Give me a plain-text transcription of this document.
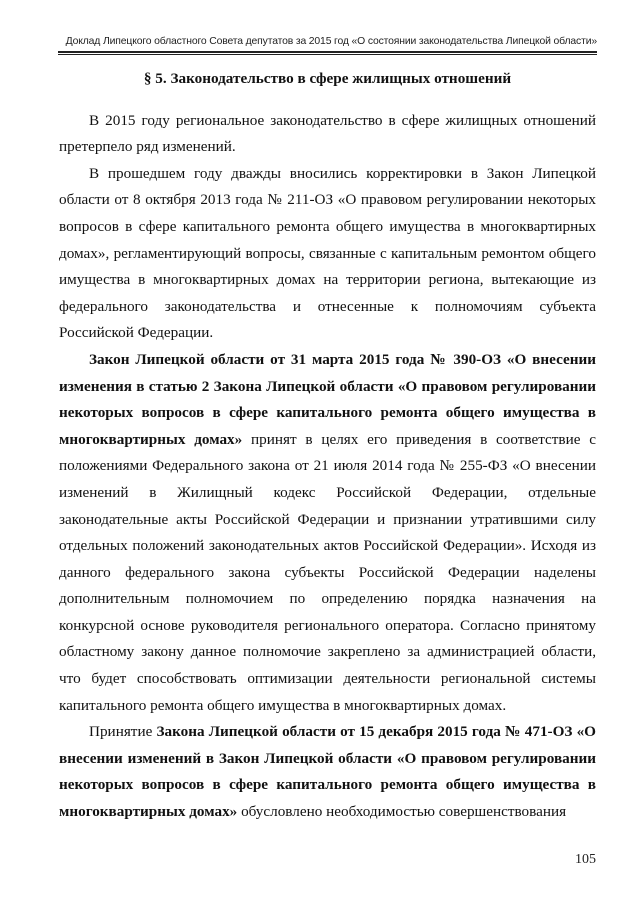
Доклад Липецкого областного Совета депутатов за 2015 год «О состоянии законодательства Липецкой области»

§ 5. Законодательство в сфере жилищных отношений

В 2015 году региональное законодательство в сфере жилищных отношений претерпело ряд изменений.

В прошедшем году дважды вносились корректировки в Закон Липецкой области от 8 октября 2013 года № 211-ОЗ «О правовом регулировании некоторых вопросов в сфере капитального ремонта общего имущества в многоквартирных домах», регламентирующий вопросы, связанные с капитальным ремонтом общего имущества в многоквартирных домах на территории региона, вытекающие из федерального законодательства и отнесенные к полномочиям субъекта Российской Федерации.

Закон Липецкой области от 31 марта 2015 года № 390-ОЗ «О внесении изменения в статью 2 Закона Липецкой области «О правовом регулировании некоторых вопросов в сфере капитального ремонта общего имущества в многоквартирных домах» принят в целях его приведения в соответствие с положениями Федерального закона от 21 июля 2014 года № 255-ФЗ «О внесении изменений в Жилищный кодекс Российской Федерации, отдельные законодательные акты Российской Федерации и признании утратившими силу отдельных положений законодательных актов Российской Федерации». Исходя из данного федерального закона субъекты Российской Федерации наделены дополнительным полномочием по определению порядка назначения на конкурсной основе руководителя регионального оператора. Согласно принятому областному закону данное полномочие закреплено за администрацией области, что будет способствовать оптимизации деятельности региональной системы капитального ремонта общего имущества в многоквартирных домах.

Принятие Закона Липецкой области от 15 декабря 2015 года № 471-ОЗ «О внесении изменений в Закон Липецкой области «О правовом регулировании некоторых вопросов в сфере капитального ремонта общего имущества в многоквартирных домах» обусловлено необходимостью совершенствования

105
